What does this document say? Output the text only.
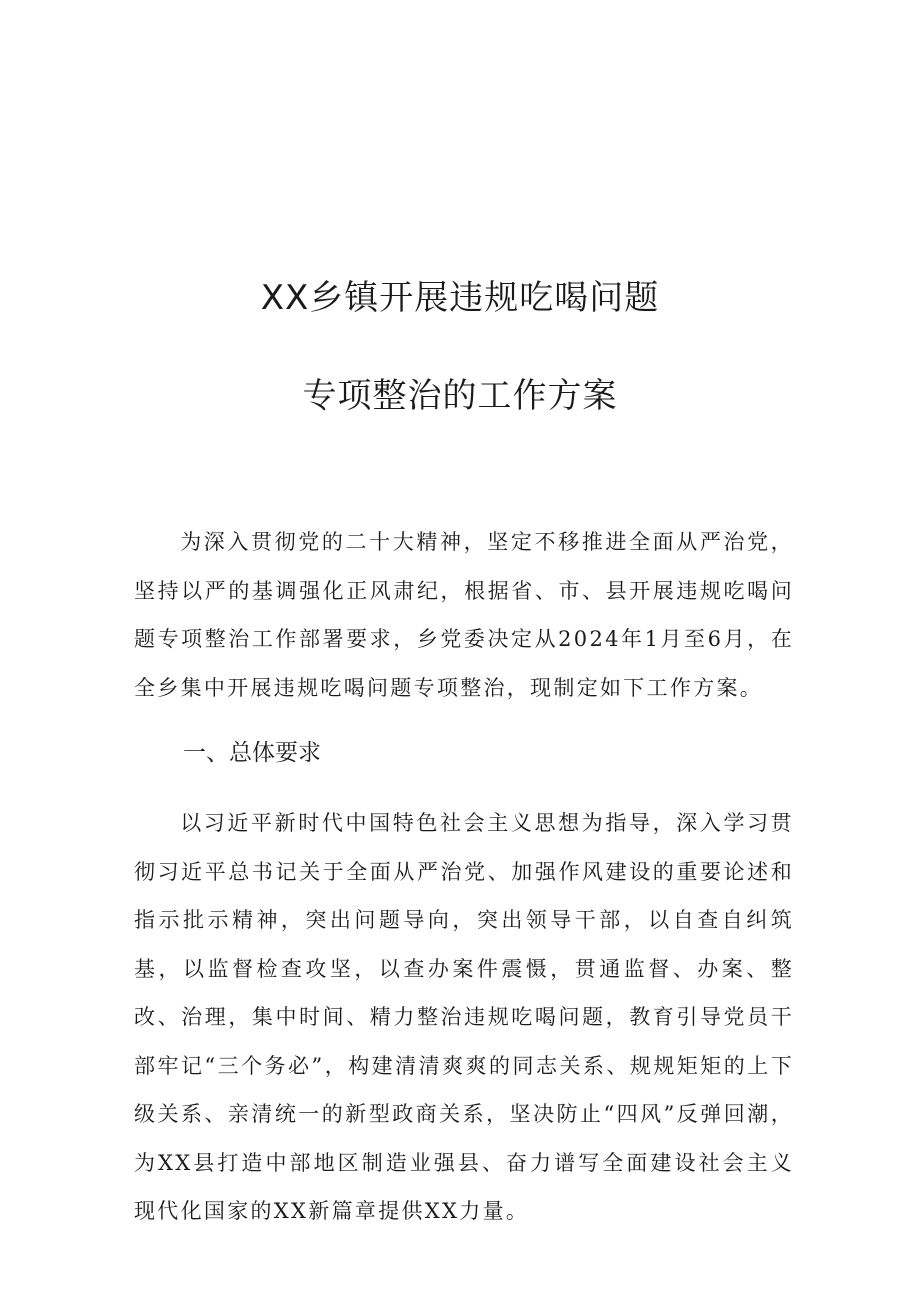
XX乡镇开展违规吃喝问题
专项整治的工作方案

为深入贯彻党的二十大精神，坚定不移推进全面从严治党，坚持以严的基调强化正风肃纪，根据省、市、县开展违规吃喝问题专项整治工作部署要求，乡党委决定从2024年1月至6月，在全乡集中开展违规吃喝问题专项整治，现制定如下工作方案。

一、总体要求

以习近平新时代中国特色社会主义思想为指导，深入学习贯彻习近平总书记关于全面从严治党、加强作风建设的重要论述和指示批示精神，突出问题导向，突出领导干部，以自查自纠筑基，以监督检查攻坚，以查办案件震慑，贯通监督、办案、整改、治理，集中时间、精力整治违规吃喝问题，教育引导党员干部牢记“三个务必”，构建清清爽爽的同志关系、规规矩矩的上下级关系、亲清统一的新型政商关系，坚决防止“四风”反弹回潮，为XX县打造中部地区制造业强县、奋力谱写全面建设社会主义现代化国家的XX新篇章提供XX力量。
